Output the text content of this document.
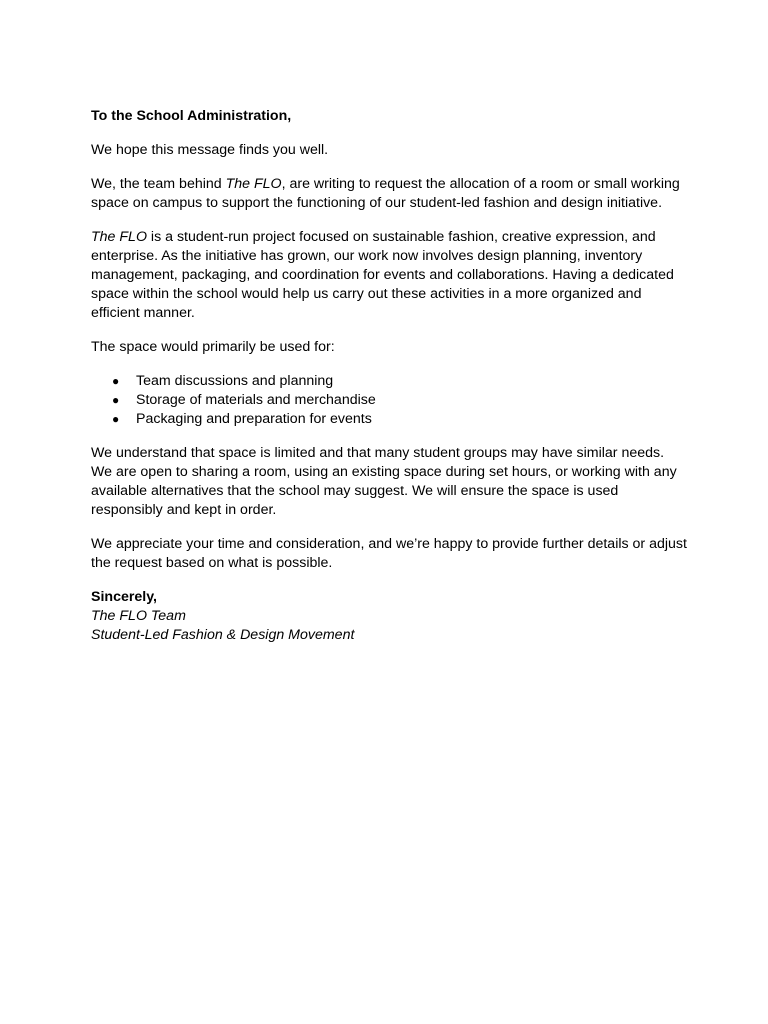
To the School Administration,

We hope this message finds you well.

We, the team behind The FLO, are writing to request the allocation of a room or small working space on campus to support the functioning of our student-led fashion and design initiative.

The FLO is a student-run project focused on sustainable fashion, creative expression, and enterprise. As the initiative has grown, our work now involves design planning, inventory management, packaging, and coordination for events and collaborations. Having a dedicated space within the school would help us carry out these activities in a more organized and efficient manner.

The space would primarily be used for:

● Team discussions and planning
● Storage of materials and merchandise
● Packaging and preparation for events

We understand that space is limited and that many student groups may have similar needs. We are open to sharing a room, using an existing space during set hours, or working with any available alternatives that the school may suggest. We will ensure the space is used responsibly and kept in order.

We appreciate your time and consideration, and we’re happy to provide further details or adjust the request based on what is possible.

Sincerely,
The FLO Team
Student-Led Fashion & Design Movement
